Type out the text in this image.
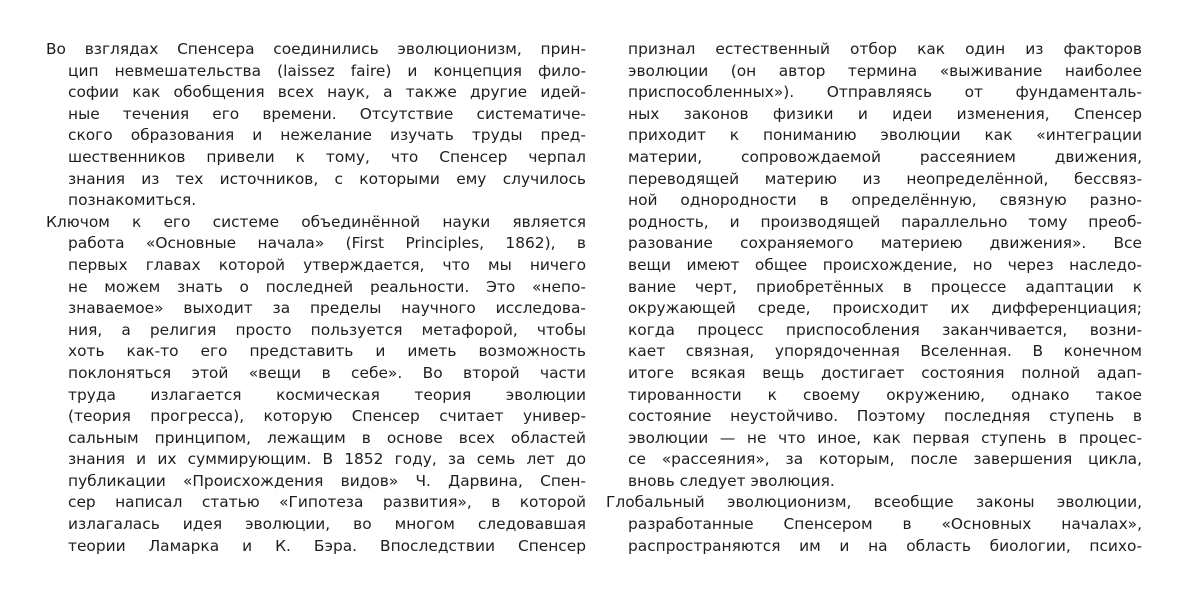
Во взглядах Спенсера соединились эволюционизм, прин-
цип невмешательства (laissez faire) и концепция фило-
софии как обобщения всех наук, а также другие идей-
ные течения его времени. Отсутствие систематиче-
ского образования и нежелание изучать труды пред-
шественников привели к тому, что Спенсер черпал
знания из тех источников, с которыми ему случилось
познакомиться.
Ключом к его системе объединённой науки является
работа «Основные начала» (First Principles, 1862), в
первых главах которой утверждается, что мы ничего
не можем знать о последней реальности. Это «непо-
знаваемое» выходит за пределы научного исследова-
ния, а религия просто пользуется метафорой, чтобы
хоть как-то его представить и иметь возможность
поклоняться этой «вещи в себе». Во второй части
труда излагается космическая теория эволюции
(теория прогресса), которую Спенсер считает универ-
сальным принципом, лежащим в основе всех областей
знания и их суммирующим. В 1852 году, за семь лет до
публикации «Происхождения видов» Ч. Дарвина, Спен-
сер написал статью «Гипотеза развития», в которой
излагалась идея эволюции, во многом следовавшая
теории Ламарка и К. Бэра. Впоследствии Спенсер
признал естественный отбор как один из факторов
эволюции (он автор термина «выживание наиболее
приспособленных»). Отправляясь от фундаменталь-
ных законов физики и идеи изменения, Спенсер
приходит к пониманию эволюции как «интеграции
материи, сопровождаемой рассеянием движения,
переводящей материю из неопределённой, бессвяз-
ной однородности в определённую, связную разно-
родность, и производящей параллельно тому преоб-
разование сохраняемого материею движения». Все
вещи имеют общее происхождение, но через наследо-
вание черт, приобретённых в процессе адаптации к
окружающей среде, происходит их дифференциация;
когда процесс приспособления заканчивается, возни-
кает связная, упорядоченная Вселенная. В конечном
итоге всякая вещь достигает состояния полной адап-
тированности к своему окружению, однако такое
состояние неустойчиво. Поэтому последняя ступень в
эволюции — не что иное, как первая ступень в процес-
се «рассеяния», за которым, после завершения цикла,
вновь следует эволюция.
Глобальный эволюционизм, всеобщие законы эволюции,
разработанные Спенсером в «Основных началах»,
распространяются им и на область биологии, психо-
